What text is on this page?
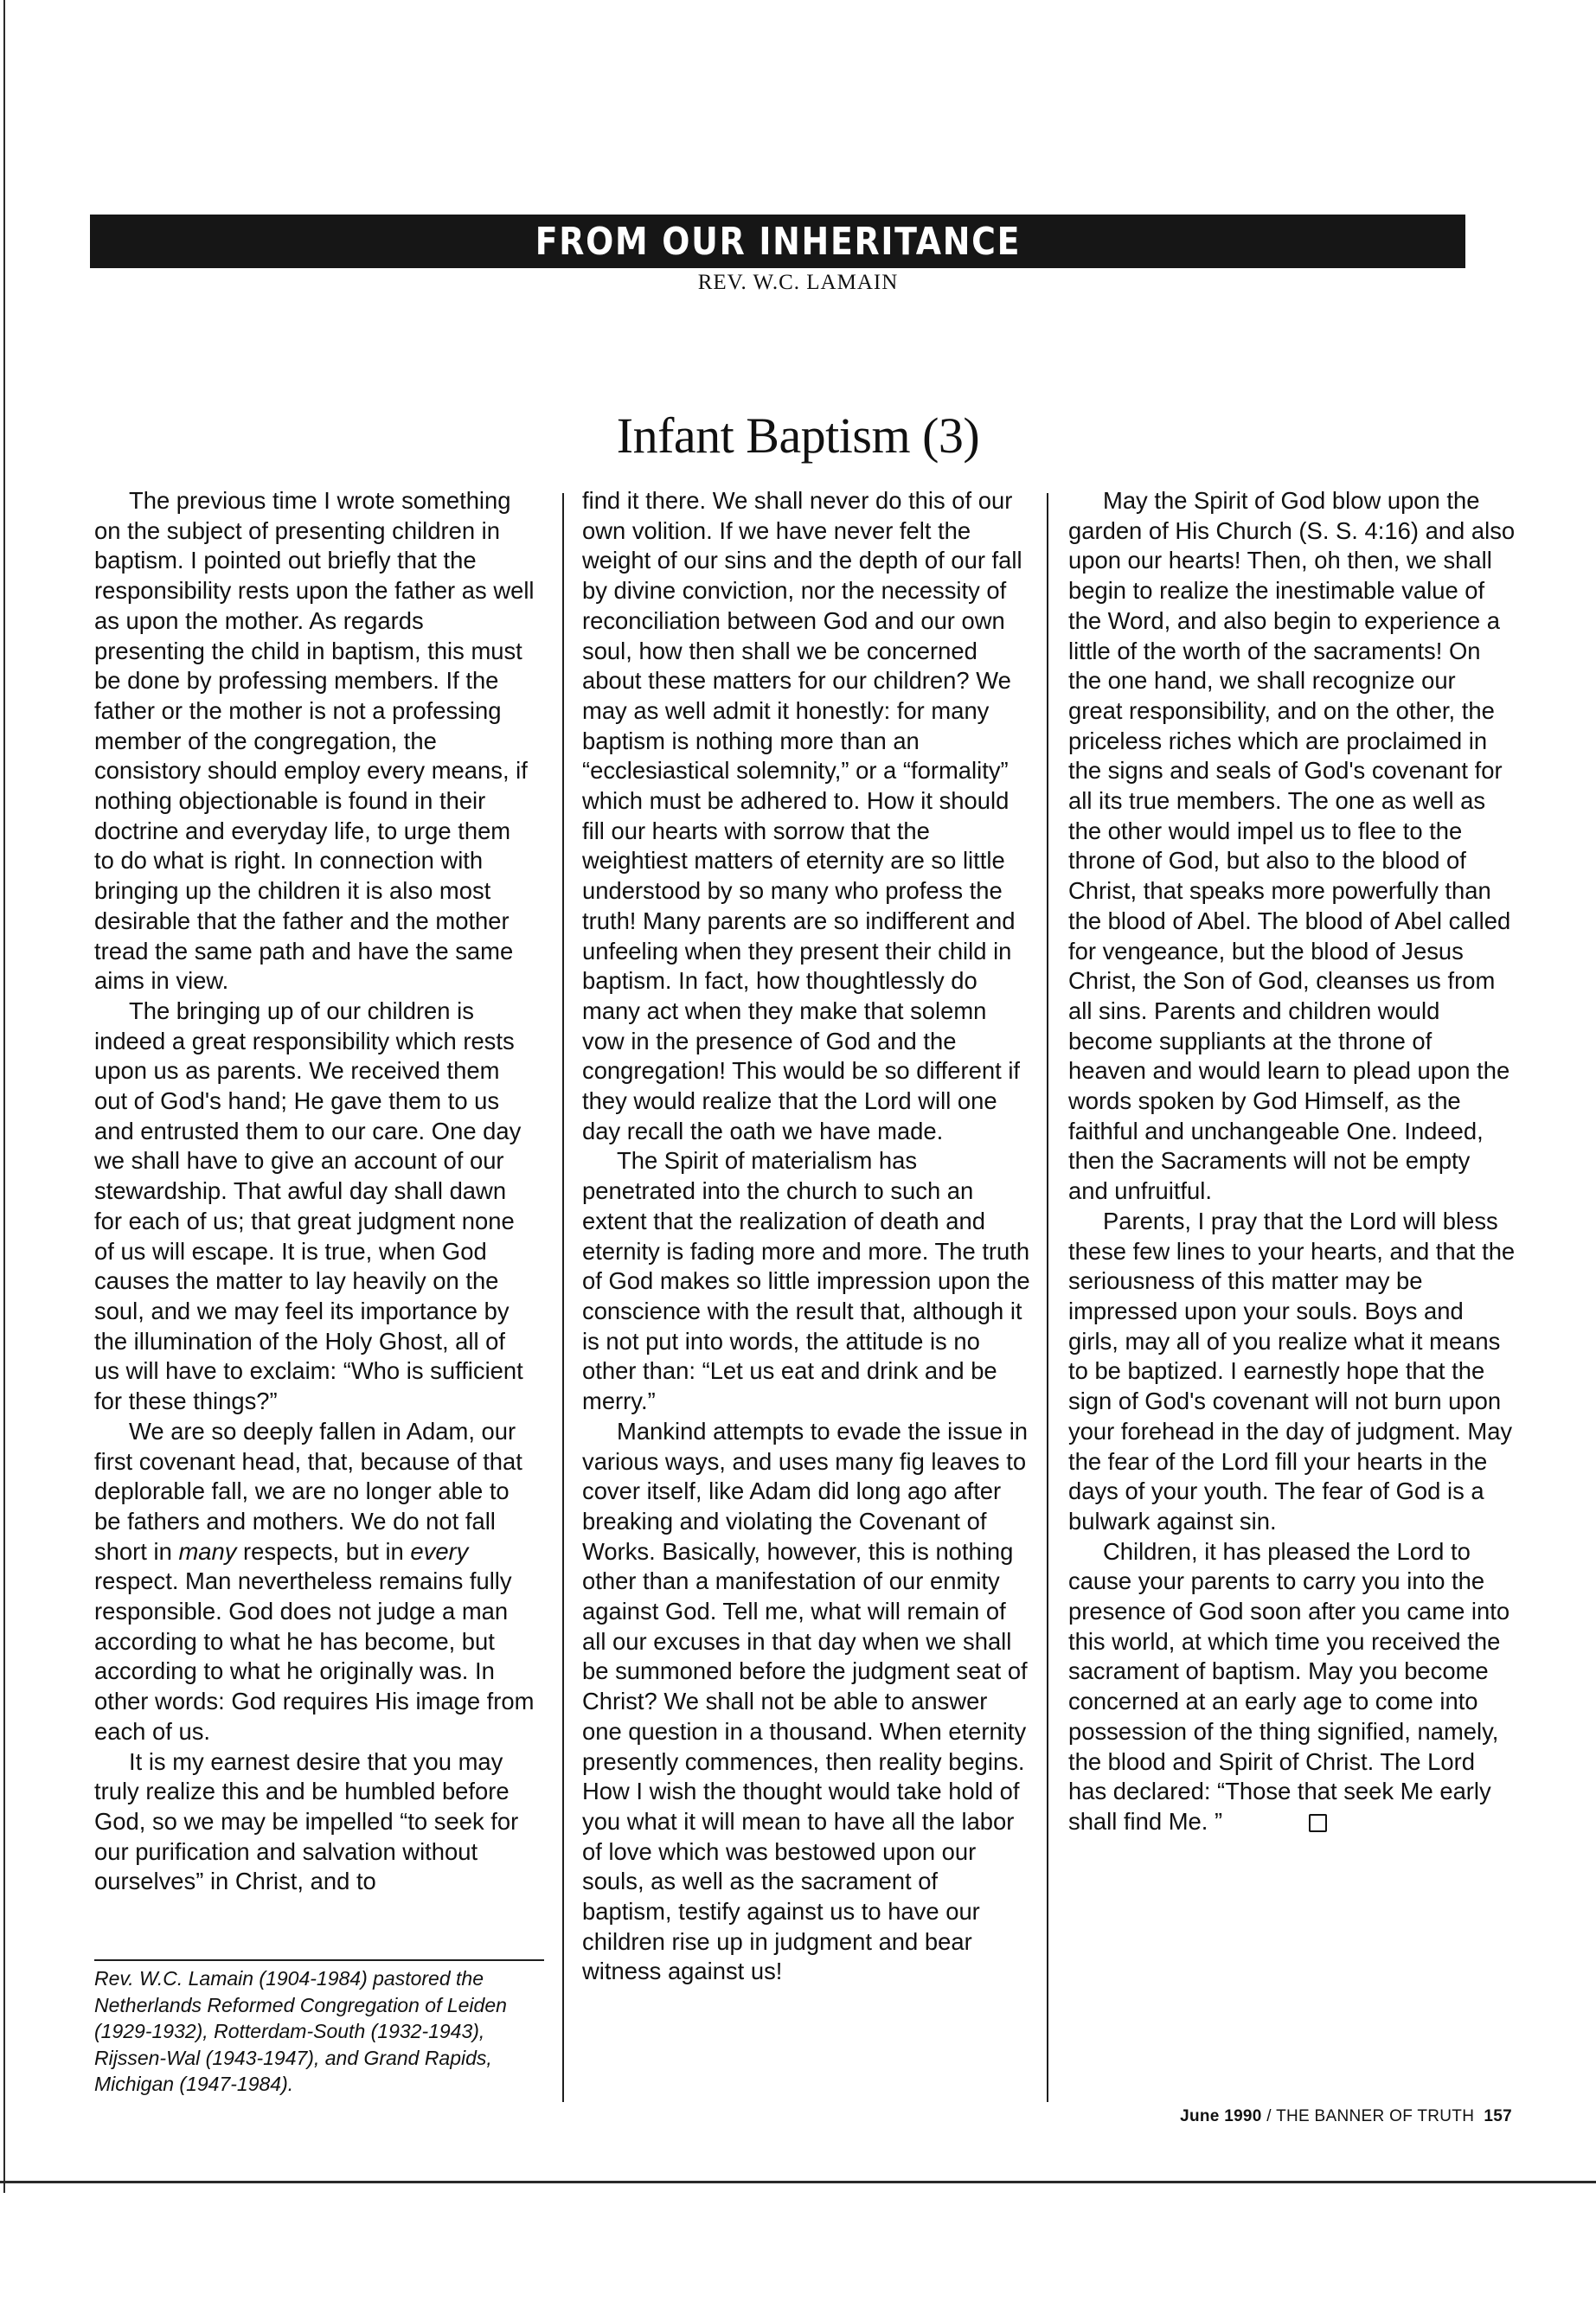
FROM OUR INHERITANCE
REV. W.C. LAMAIN
Infant Baptism (3)

The previous time I wrote something on the subject of presenting children in baptism. I pointed out briefly that the responsibility rests upon the father as well as upon the mother. As regards presenting the child in baptism, this must be done by professing members. If the father or the mother is not a professing member of the congregation, the consistory should employ every means, if nothing objectionable is found in their doctrine and everyday life, to urge them to do what is right. In connection with bringing up the children it is also most desirable that the father and the mother tread the same path and have the same aims in view.

The bringing up of our children is indeed a great responsibility which rests upon us as parents. We received them out of God's hand; He gave them to us and entrusted them to our care. One day we shall have to give an account of our stewardship. That awful day shall dawn for each of us; that great judgment none of us will escape. It is true, when God causes the matter to lay heavily on the soul, and we may feel its importance by the illumination of the Holy Ghost, all of us will have to exclaim: “Who is sufficient for these things?”

We are so deeply fallen in Adam, our first covenant head, that, because of that deplorable fall, we are no longer able to be fathers and mothers. We do not fall short in many respects, but in every respect. Man nevertheless remains fully responsible. God does not judge a man according to what he has become, but according to what he originally was. In other words: God requires His image from each of us.

It is my earnest desire that you may truly realize this and be humbled before God, so we may be impelled “to seek for our purification and salvation without ourselves” in Christ, and to

find it there. We shall never do this of our own volition. If we have never felt the weight of our sins and the depth of our fall by divine conviction, nor the necessity of reconciliation between God and our own soul, how then shall we be concerned about these matters for our children? We may as well admit it honestly: for many baptism is nothing more than an “ecclesiastical solemnity,” or a “formality” which must be adhered to. How it should fill our hearts with sorrow that the weightiest matters of eternity are so little understood by so many who profess the truth! Many parents are so indifferent and unfeeling when they present their child in baptism. In fact, how thoughtlessly do many act when they make that solemn vow in the presence of God and the congregation! This would be so different if they would realize that the Lord will one day recall the oath we have made.

The Spirit of materialism has penetrated into the church to such an extent that the realization of death and eternity is fading more and more. The truth of God makes so little impression upon the conscience with the result that, although it is not put into words, the attitude is no other than: “Let us eat and drink and be merry.”

Mankind attempts to evade the issue in various ways, and uses many fig leaves to cover itself, like Adam did long ago after breaking and violating the Covenant of Works. Basically, however, this is nothing other than a manifestation of our enmity against God. Tell me, what will remain of all our excuses in that day when we shall be summoned before the judgment seat of Christ? We shall not be able to answer one question in a thousand. When eternity presently commences, then reality begins. How I wish the thought would take hold of you what it will mean to have all the labor of love which was bestowed upon our souls, as well as the sacrament of baptism, testify against us to have our children rise up in judgment and bear witness against us!

May the Spirit of God blow upon the garden of His Church (S. S. 4:16) and also upon our hearts! Then, oh then, we shall begin to realize the inestimable value of the Word, and also begin to experience a little of the worth of the sacraments! On the one hand, we shall recognize our great responsibility, and on the other, the priceless riches which are proclaimed in the signs and seals of God's covenant for all its true members. The one as well as the other would impel us to flee to the throne of God, but also to the blood of Christ, that speaks more powerfully than the blood of Abel. The blood of Abel called for vengeance, but the blood of Jesus Christ, the Son of God, cleanses us from all sins. Parents and children would become suppliants at the throne of heaven and would learn to plead upon the words spoken by God Himself, as the faithful and unchangeable One. Indeed, then the Sacraments will not be empty and unfruitful.

Parents, I pray that the Lord will bless these few lines to your hearts, and that the seriousness of this matter may be impressed upon your souls. Boys and girls, may all of you realize what it means to be baptized. I earnestly hope that the sign of God's covenant will not burn upon your forehead in the day of judgment. May the fear of the Lord fill your hearts in the days of your youth. The fear of God is a bulwark against sin.

Children, it has pleased the Lord to cause your parents to carry you into the presence of God soon after you came into this world, at which time you received the sacrament of baptism. May you become concerned at an early age to come into possession of the thing signified, namely, the blood and Spirit of Christ. The Lord has declared: “Those that seek Me early shall find Me. ”

Rev. W.C. Lamain (1904-1984) pastored the Netherlands Reformed Congregation of Leiden (1929-1932), Rotterdam-South (1932-1943), Rijssen-Wal (1943-1947), and Grand Rapids, Michigan (1947-1984).
June 1990 / THE BANNER OF TRUTH 157
